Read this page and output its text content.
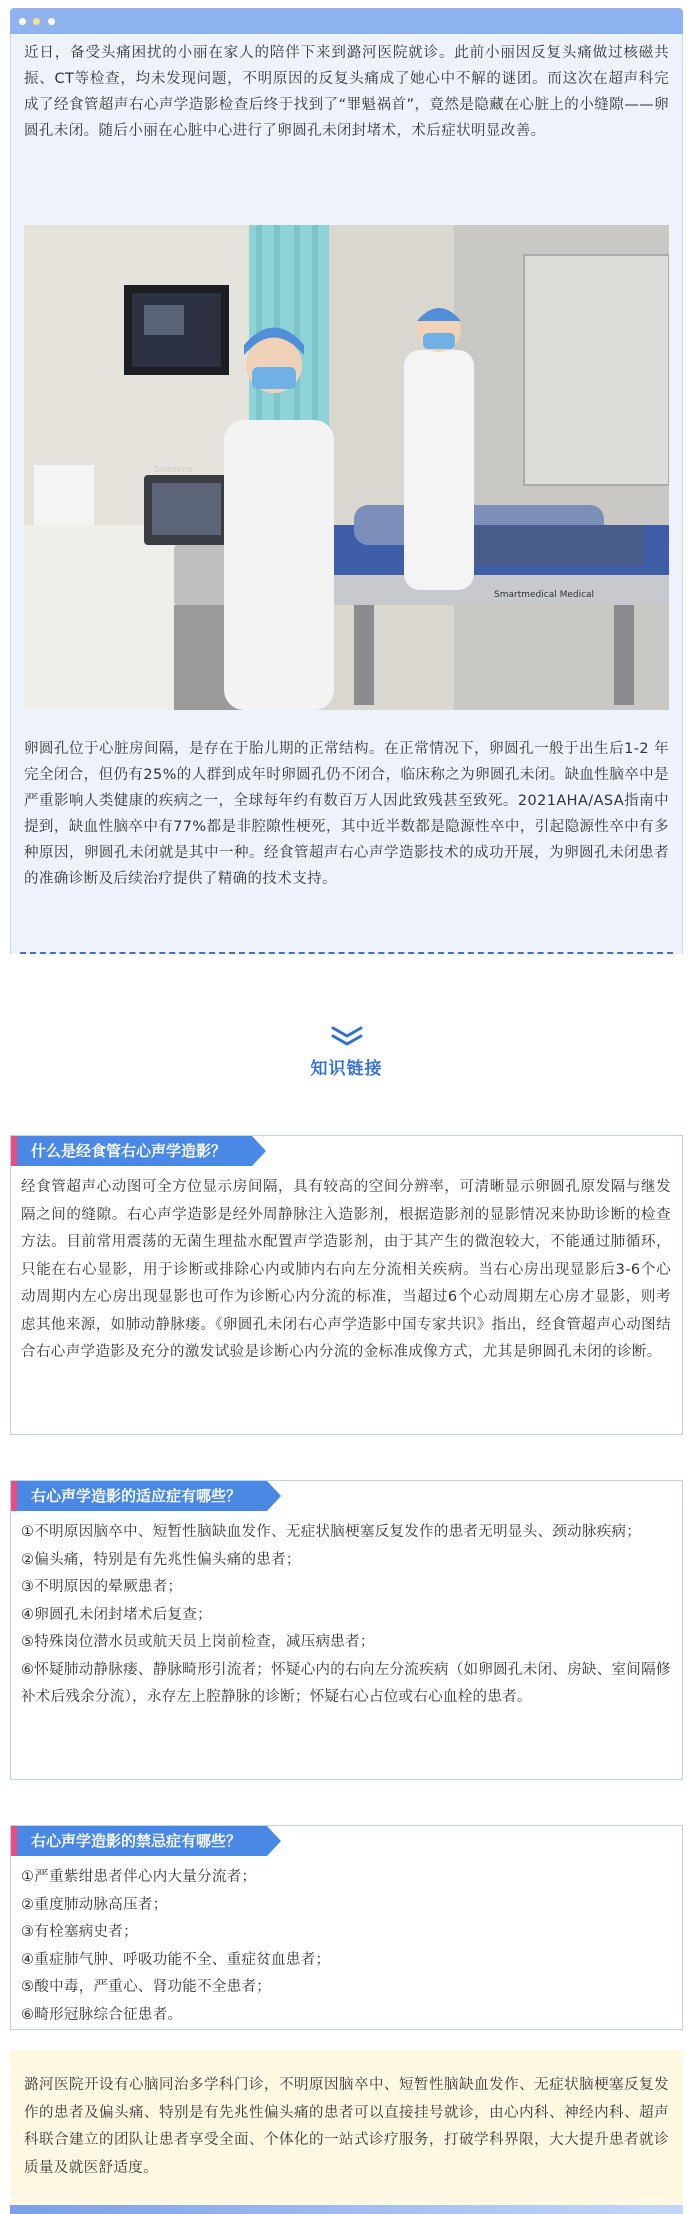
近日，备受头痛困扰的小丽在家人的陪伴下来到潞河医院就诊。此前小丽因反复头痛做过核磁共振、CT等检查，均未发现问题，不明原因的反复头痛成了她心中不解的谜团。而这次在超声科完成了经食管超声右心声学造影检查后终于找到了“罪魁祸首”，竟然是隐藏在心脏上的小缝隙——卵圆孔未闭。随后小丽在心脏中心进行了卵圆孔未闭封堵术，术后症状明显改善。

Siemens
Smartmedical Medical

卵圆孔位于心脏房间隔，是存在于胎儿期的正常结构。在正常情况下，卵圆孔一般于出生后1-2 年完全闭合，但仍有25%的人群到成年时卵圆孔仍不闭合，临床称之为卵圆孔未闭。缺血性脑卒中是严重影响人类健康的疾病之一，全球每年约有数百万人因此致残甚至致死。2021AHA/ASA指南中提到，缺血性脑卒中有77%都是非腔隙性梗死，其中近半数都是隐源性卒中，引起隐源性卒中有多种原因，卵圆孔未闭就是其中一种。经食管超声右心声学造影技术的成功开展，为卵圆孔未闭患者的准确诊断及后续治疗提供了精确的技术支持。

知识链接
什么是经食管右心声学造影？

经食管超声心动图可全方位显示房间隔，具有较高的空间分辨率，可清晰显示卵圆孔原发隔与继发隔之间的缝隙。右心声学造影是经外周静脉注入造影剂，根据造影剂的显影情况来协助诊断的检查方法。目前常用震荡的无菌生理盐水配置声学造影剂，由于其产生的微泡较大，不能通过肺循环，只能在右心显影，用于诊断或排除心内或肺内右向左分流相关疾病。当右心房出现显影后3-6个心动周期内左心房出现显影也可作为诊断心内分流的标准，当超过6个心动周期左心房才显影，则考虑其他来源，如肺动静脉瘘。《卵圆孔未闭右心声学造影中国专家共识》指出，经食管超声心动图结合右心声学造影及充分的激发试验是诊断心内分流的金标准成像方式，尤其是卵圆孔未闭的诊断。

右心声学造影的适应症有哪些？
①不明原因脑卒中、短暂性脑缺血发作、无症状脑梗塞反复发作的患者无明显头、颈动脉疾病；
②偏头痛，特别是有先兆性偏头痛的患者；
③不明原因的晕厥患者；
④卵圆孔未闭封堵术后复查；
⑤特殊岗位潜水员或航天员上岗前检查，减压病患者；
⑥怀疑肺动静脉瘘、静脉畸形引流者；怀疑心内的右向左分流疾病（如卵圆孔未闭、房缺、室间隔修补术后残余分流），永存左上腔静脉的诊断；怀疑右心占位或右心血栓的患者。
右心声学造影的禁忌症有哪些？
①严重紫绀患者伴心内大量分流者；
②重度肺动脉高压者；
③有栓塞病史者；
④重症肺气肿、呼吸功能不全、重症贫血患者；
⑤酸中毒，严重心、肾功能不全患者；
⑥畸形冠脉综合征患者。

潞河医院开设有心脑同治多学科门诊，不明原因脑卒中、短暂性脑缺血发作、无症状脑梗塞反复发作的患者及偏头痛、特别是有先兆性偏头痛的患者可以直接挂号就诊，由心内科、神经内科、超声科联合建立的团队让患者享受全面、个体化的一站式诊疗服务，打破学科界限，大大提升患者就诊质量及就医舒适度。
